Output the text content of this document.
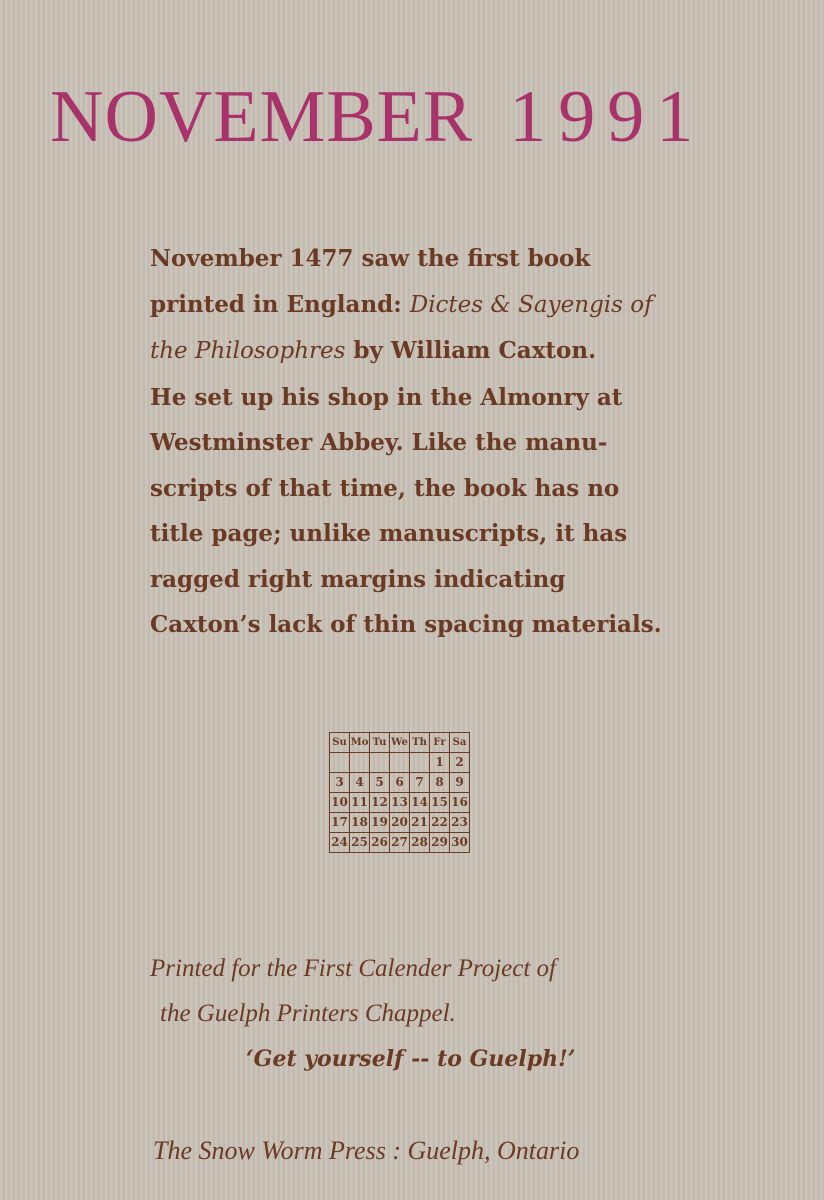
NOVEMBER 1991
November 1477 saw the first book
printed in England: Dictes & Sayengis of
the Philosophres by William Caxton.
He set up his shop in the Almonry at
Westminster Abbey. Like the manu-
scripts of that time, the book has no
title page; unlike manuscripts, it has
ragged right margins indicating
Caxton’s lack of thin spacing materials.
Su	Mo	Tu	We	Th	Fr	Sa
					1	2
3	4	5	6	7	8	9
10	11	12	13	14	15	16
17	18	19	20	21	22	23
24	25	26	27	28	29	30
Printed for the First Calender Project of
the Guelph Printers Chappel.
‘Get yourself -- to Guelph!’
The Snow Worm Press : Guelph, Ontario
